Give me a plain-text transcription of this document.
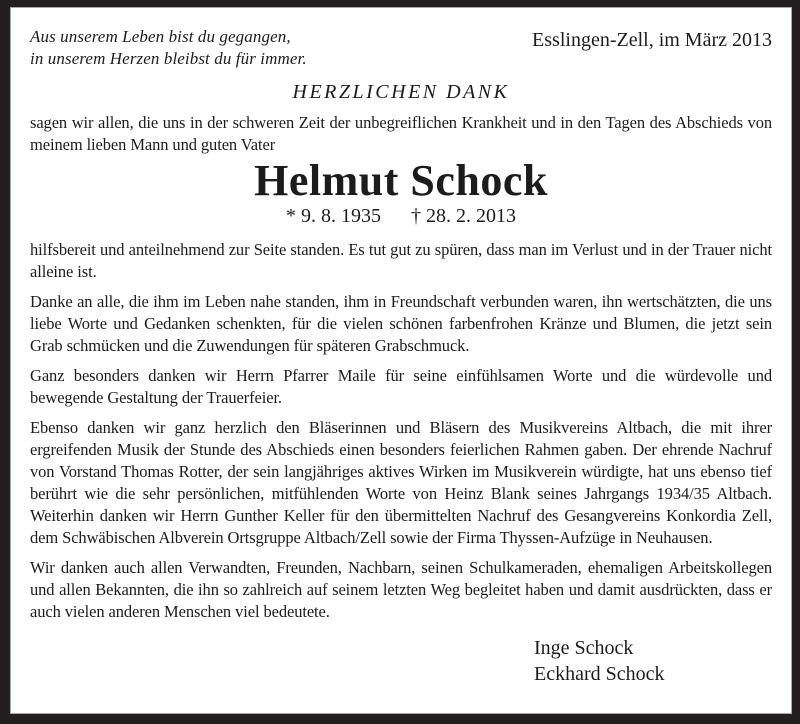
Aus unserem Leben bist du gegangen,
in unserem Herzen bleibst du für immer.
Esslingen-Zell, im März 2013
HERZLICHEN DANK

sagen wir allen, die uns in der schweren Zeit der unbegreiflichen Krankheit und in den Tagen des Abschieds von meinem lieben Mann und guten Vater

Helmut Schock
* 9. 8. 1935 † 28. 2. 2013

hilfsbereit und anteilnehmend zur Seite standen. Es tut gut zu spüren, dass man im Verlust und in der Trauer nicht alleine ist.

Danke an alle, die ihm im Leben nahe standen, ihm in Freundschaft verbunden waren, ihn wertschätzten, die uns liebe Worte und Gedanken schenkten, für die vielen schönen farbenfrohen Kränze und Blumen, die jetzt sein Grab schmücken und die Zuwendungen für späteren Grabschmuck.

Ganz besonders danken wir Herrn Pfarrer Maile für seine einfühlsamen Worte und die würdevolle und bewegende Gestaltung der Trauerfeier.

Ebenso danken wir ganz herzlich den Bläserinnen und Bläsern des Musikvereins Altbach, die mit ihrer ergreifenden Musik der Stunde des Abschieds einen besonders feierlichen Rahmen gaben. Der ehrende Nachruf von Vorstand Thomas Rotter, der sein langjähriges aktives Wirken im Musikverein würdigte, hat uns ebenso tief berührt wie die sehr persönlichen, mitfühlenden Worte von Heinz Blank seines Jahrgangs 1934/35 Altbach. Weiterhin danken wir Herrn Gunther Keller für den übermittelten Nachruf des Gesangvereins Konkordia Zell, dem Schwäbischen Albverein Ortsgruppe Altbach/Zell sowie der Firma Thyssen-Aufzüge in Neuhausen.

Wir danken auch allen Verwandten, Freunden, Nachbarn, seinen Schulkameraden, ehemaligen Arbeitskollegen und allen Bekannten, die ihn so zahlreich auf seinem letzten Weg begleitet haben und damit ausdrückten, dass er auch vielen anderen Menschen viel bedeutete.

Inge Schock
Eckhard Schock
